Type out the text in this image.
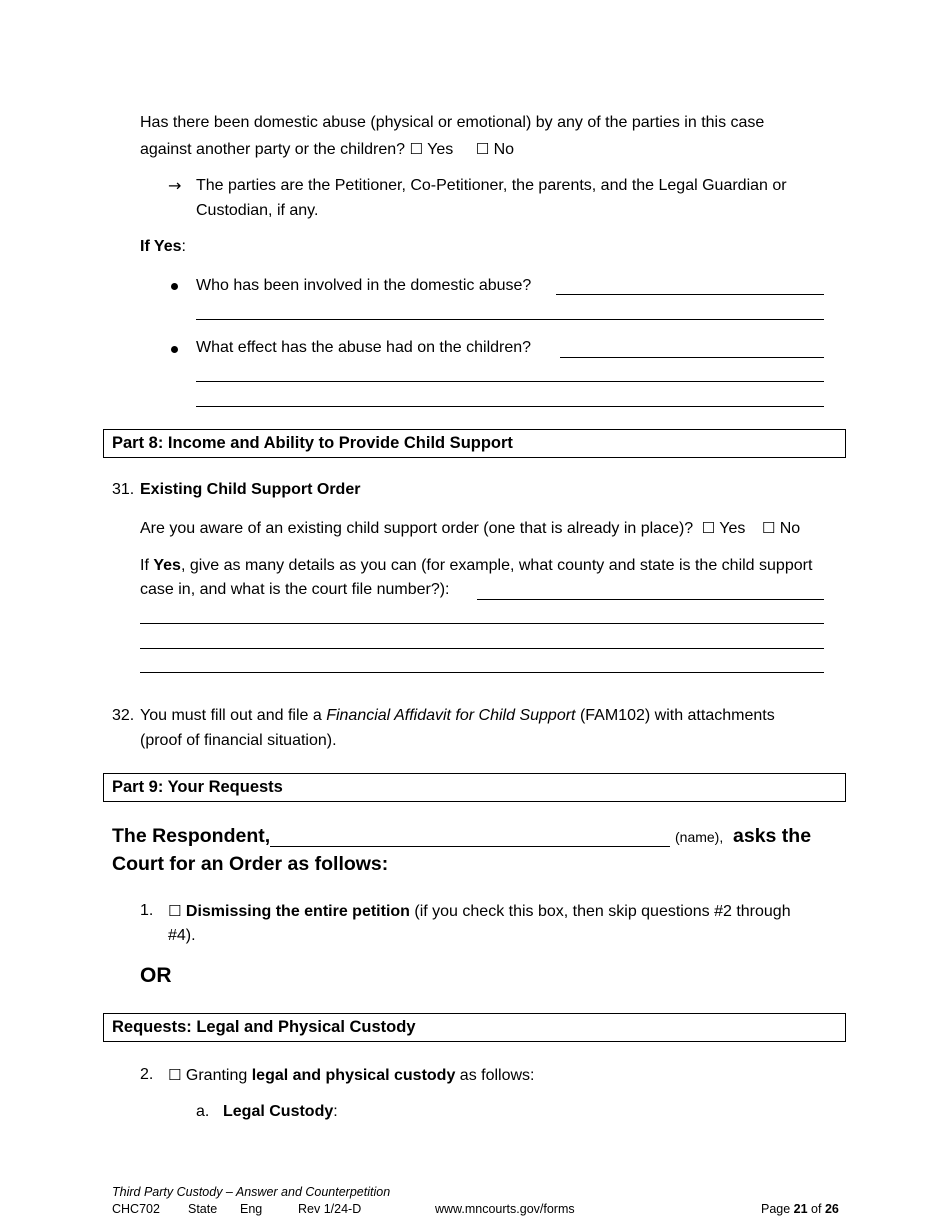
Has there been domestic abuse (physical or emotional) by any of the parties in this case
against another party or the children? ☐ Yes ☐ No
→ The parties are the Petitioner, Co-Petitioner, the parents, and the Legal Guardian or
Custodian, if any.
If Yes:
Who has been involved in the domestic abuse?
What effect has the abuse had on the children?
Part 8: Income and Ability to Provide Child Support
31. Existing Child Support Order
Are you aware of an existing child support order (one that is already in place)? ☐ Yes ☐ No
If Yes, give as many details as you can (for example, what county and state is the child support
case in, and what is the court file number?):
32. You must fill out and file a Financial Affidavit for Child Support (FAM102) with attachments
(proof of financial situation).
Part 9: Your Requests
The Respondent,	(name), asks the
Court for an Order as follows:
1. ☐ Dismissing the entire petition (if you check this box, then skip questions #2 through
#4).
OR
Requests: Legal and Physical Custody
2. ☐ Granting legal and physical custody as follows:
a. Legal Custody:
Third Party Custody – Answer and Counterpetition
CHC702 State Eng	Rev 1/24-D	www.mncourts.gov/forms	Page 21 of 26
